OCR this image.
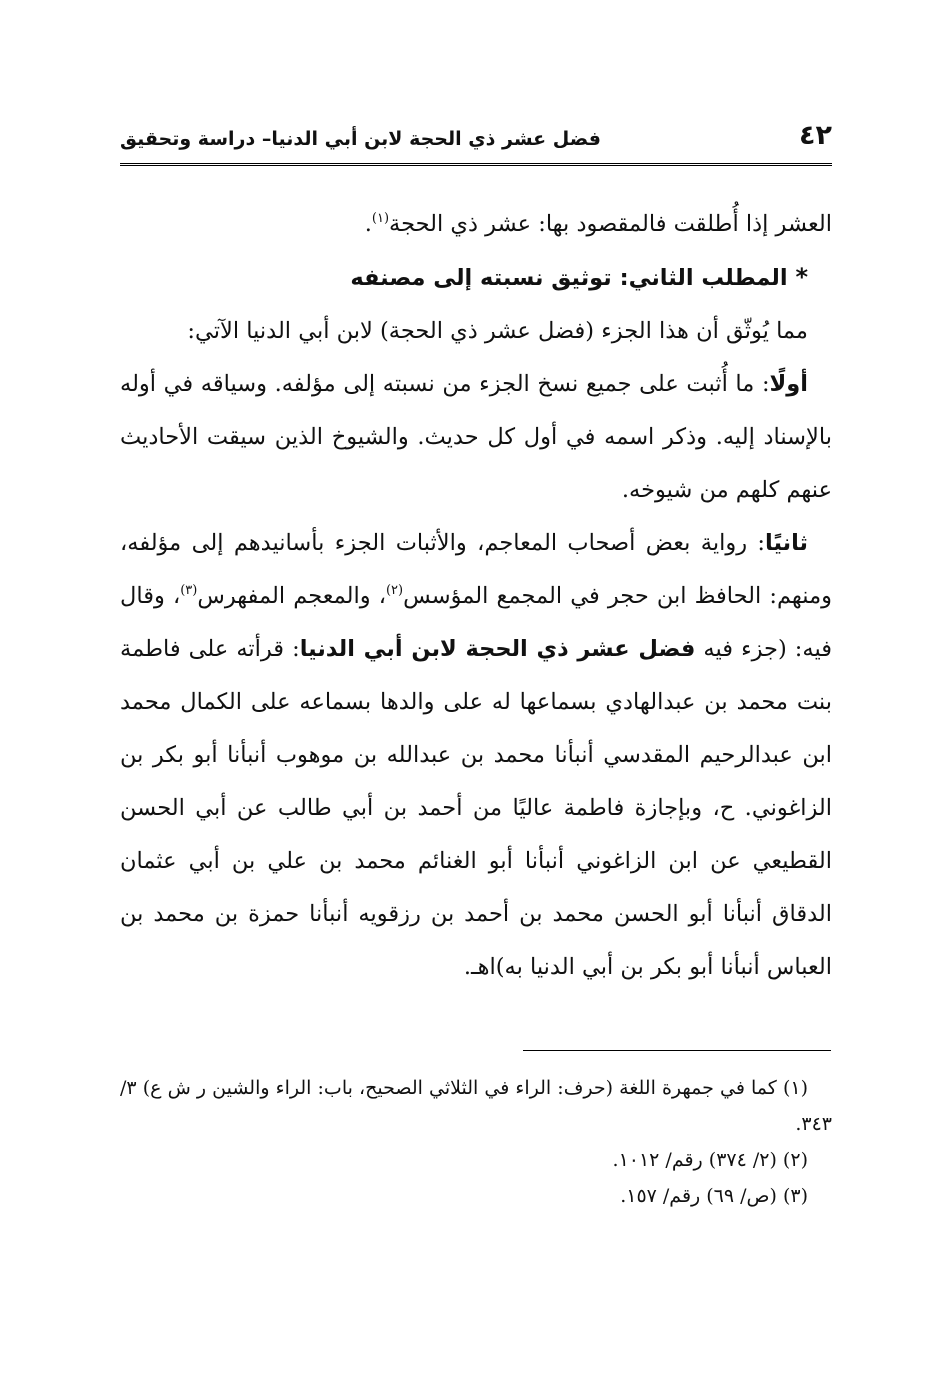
فضل عشر ذي الحجة لابن أبي الدنيا– دراسة وتحقيق	٤٢

العشر إذا أُطلقت فالمقصود بها: عشر ذي الحجة$^{(١)}$.

* المطلب الثاني: توثيق نسبته إلى مصنفه

مما يُوثّق أن هذا الجزء (فضل عشر ذي الحجة) لابن أبي الدنيا الآتي:

أولًا: ما أُثبت على جميع نسخ الجزء من نسبته إلى مؤلفه. وسياقه في أوله بالإسناد إليه. وذكر اسمه في أول كل حديث. والشيوخ الذين سيقت الأحاديث عنهم كلهم من شيوخه.

ثانيًا: رواية بعض أصحاب المعاجم، والأثبات الجزء بأسانيدهم إلى مؤلفه، ومنهم: الحافظ ابن حجر في المجمع المؤسس$^{(٢)}$، والمعجم المفهرس$^{(٣)}$، وقال فيه: (جزء فيه فضل عشر ذي الحجة لابن أبي الدنيا: قرأته على فاطمة بنت محمد بن عبدالهادي بسماعها له على والدها بسماعه على الكمال محمد ابن عبدالرحيم المقدسي أنبأنا محمد بن عبدالله بن موهوب أنبأنا أبو بكر بن الزاغوني. ح، وبإجازة فاطمة عاليًا من أحمد بن أبي طالب عن أبي الحسن القطيعي عن ابن الزاغوني أنبأنا أبو الغنائم محمد بن علي بن أبي عثمان الدقاق أنبأنا أبو الحسن محمد بن أحمد بن رزقويه أنبأنا حمزة بن محمد بن العباس أنبأنا أبو بكر بن أبي الدنيا به)اهـ.

(١) كما في جمهرة اللغة (حرف: الراء في الثلاثي الصحيح، باب: الراء والشين ر ش ع) ٣/ ٣٤٣.

(٢) (٢/ ٣٧٤) رقم/ ١٠١٢.

(٣) (ص/ ٦٩) رقم/ ١٥٧.
